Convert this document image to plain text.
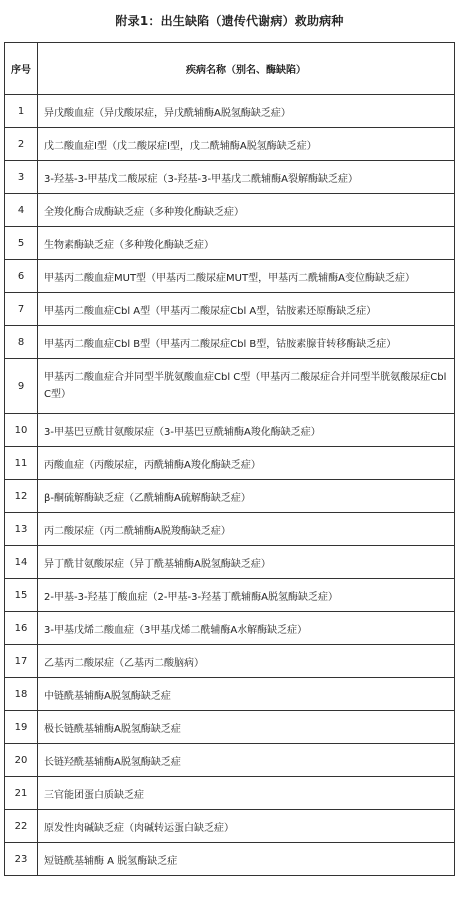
附录1：出生缺陷（遗传代谢病）救助病种
序号	疾病名称（别名、酶缺陷）
1	异戊酸血症（异戊酸尿症，异戊酰辅酶A脱氢酶缺乏症）
2	戊二酸血症I型（戊二酸尿症I型，戊二酰辅酶A脱氢酶缺乏症）
3	3-羟基-3-甲基戊二酸尿症（3-羟基-3-甲基戊二酰辅酶A裂解酶缺乏症）
4	全羧化酶合成酶缺乏症（多种羧化酶缺乏症）
5	生物素酶缺乏症（多种羧化酶缺乏症）
6	甲基丙二酸血症MUT型（甲基丙二酸尿症MUT型，甲基丙二酰辅酶A变位酶缺乏症）
7	甲基丙二酸血症Cbl A型（甲基丙二酸尿症Cbl A型，钴胺素还原酶缺乏症）
8	甲基丙二酸血症Cbl B型（甲基丙二酸尿症Cbl B型，钴胺素腺苷转移酶缺乏症）
9	甲基丙二酸血症合并同型半胱氨酸血症Cbl C型（甲基丙二酸尿症合并同型半胱氨酸尿症Cbl C型）
10	3-甲基巴豆酰甘氨酸尿症（3-甲基巴豆酰辅酶A羧化酶缺乏症）
11	丙酸血症（丙酸尿症，丙酰辅酶A羧化酶缺乏症）
12	β-酮硫解酶缺乏症（乙酰辅酶A硫解酶缺乏症）
13	丙二酸尿症（丙二酰辅酶A脱羧酶缺乏症）
14	异丁酰甘氨酸尿症（异丁酰基辅酶A脱氢酶缺乏症）
15	2-甲基-3-羟基丁酸血症（2-甲基-3-羟基丁酰辅酶A脱氢酶缺乏症）
16	3-甲基戊烯二酸血症（3甲基戊烯二酰辅酶A水解酶缺乏症）
17	乙基丙二酸尿症（乙基丙二酸脑病）
18	中链酰基辅酶A脱氢酶缺乏症
19	极长链酰基辅酶A脱氢酶缺乏症
20	长链羟酰基辅酶A脱氢酶缺乏症
21	三官能团蛋白质缺乏症
22	原发性肉碱缺乏症（肉碱转运蛋白缺乏症）
23	短链酰基辅酶 A 脱氢酶缺乏症
